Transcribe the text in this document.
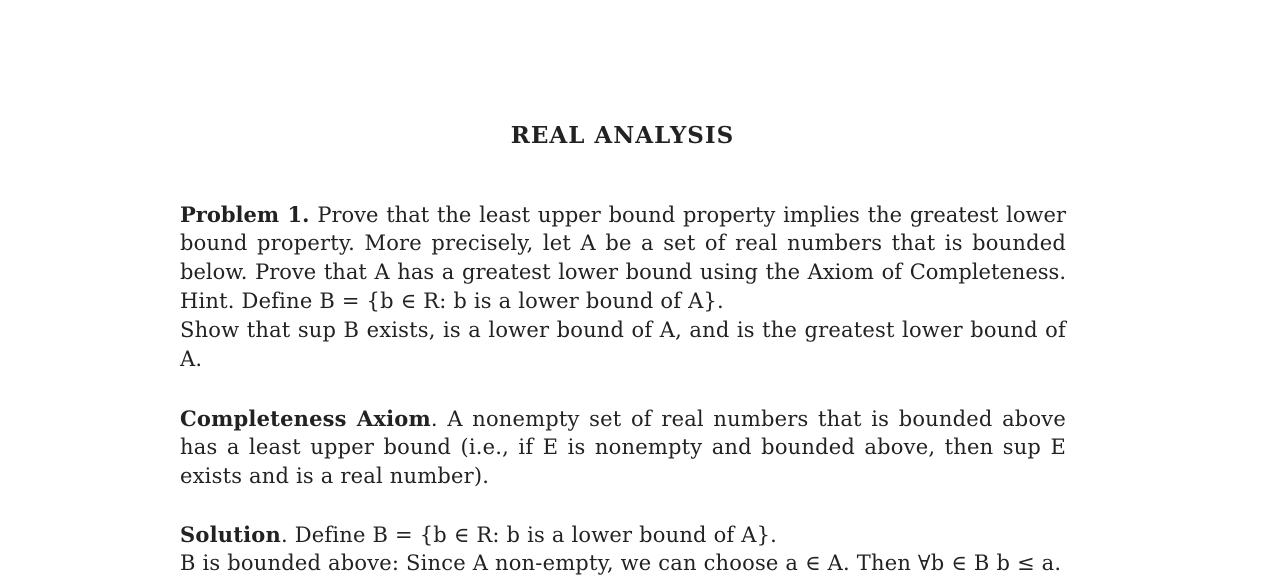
REAL ANALYSIS
Problem 1. Prove that the least upper bound property implies the greatest lower
bound property. More precisely, let A be a set of real numbers that is bounded
below. Prove that A has a greatest lower bound using the Axiom of Completeness.
Hint. Define B = {b ∈ R: b is a lower bound of A}.
Show that sup B exists, is a lower bound of A, and is the greatest lower bound of
A.
Completeness Axiom. A nonempty set of real numbers that is bounded above
has a least upper bound (i.e., if E is nonempty and bounded above, then sup E
exists and is a real number).
Solution. Define B = {b ∈ R: b is a lower bound of A}.
B is bounded above: Since A non-empty, we can choose a ∈ A. Then ∀b ∈ B b ≤ a.
